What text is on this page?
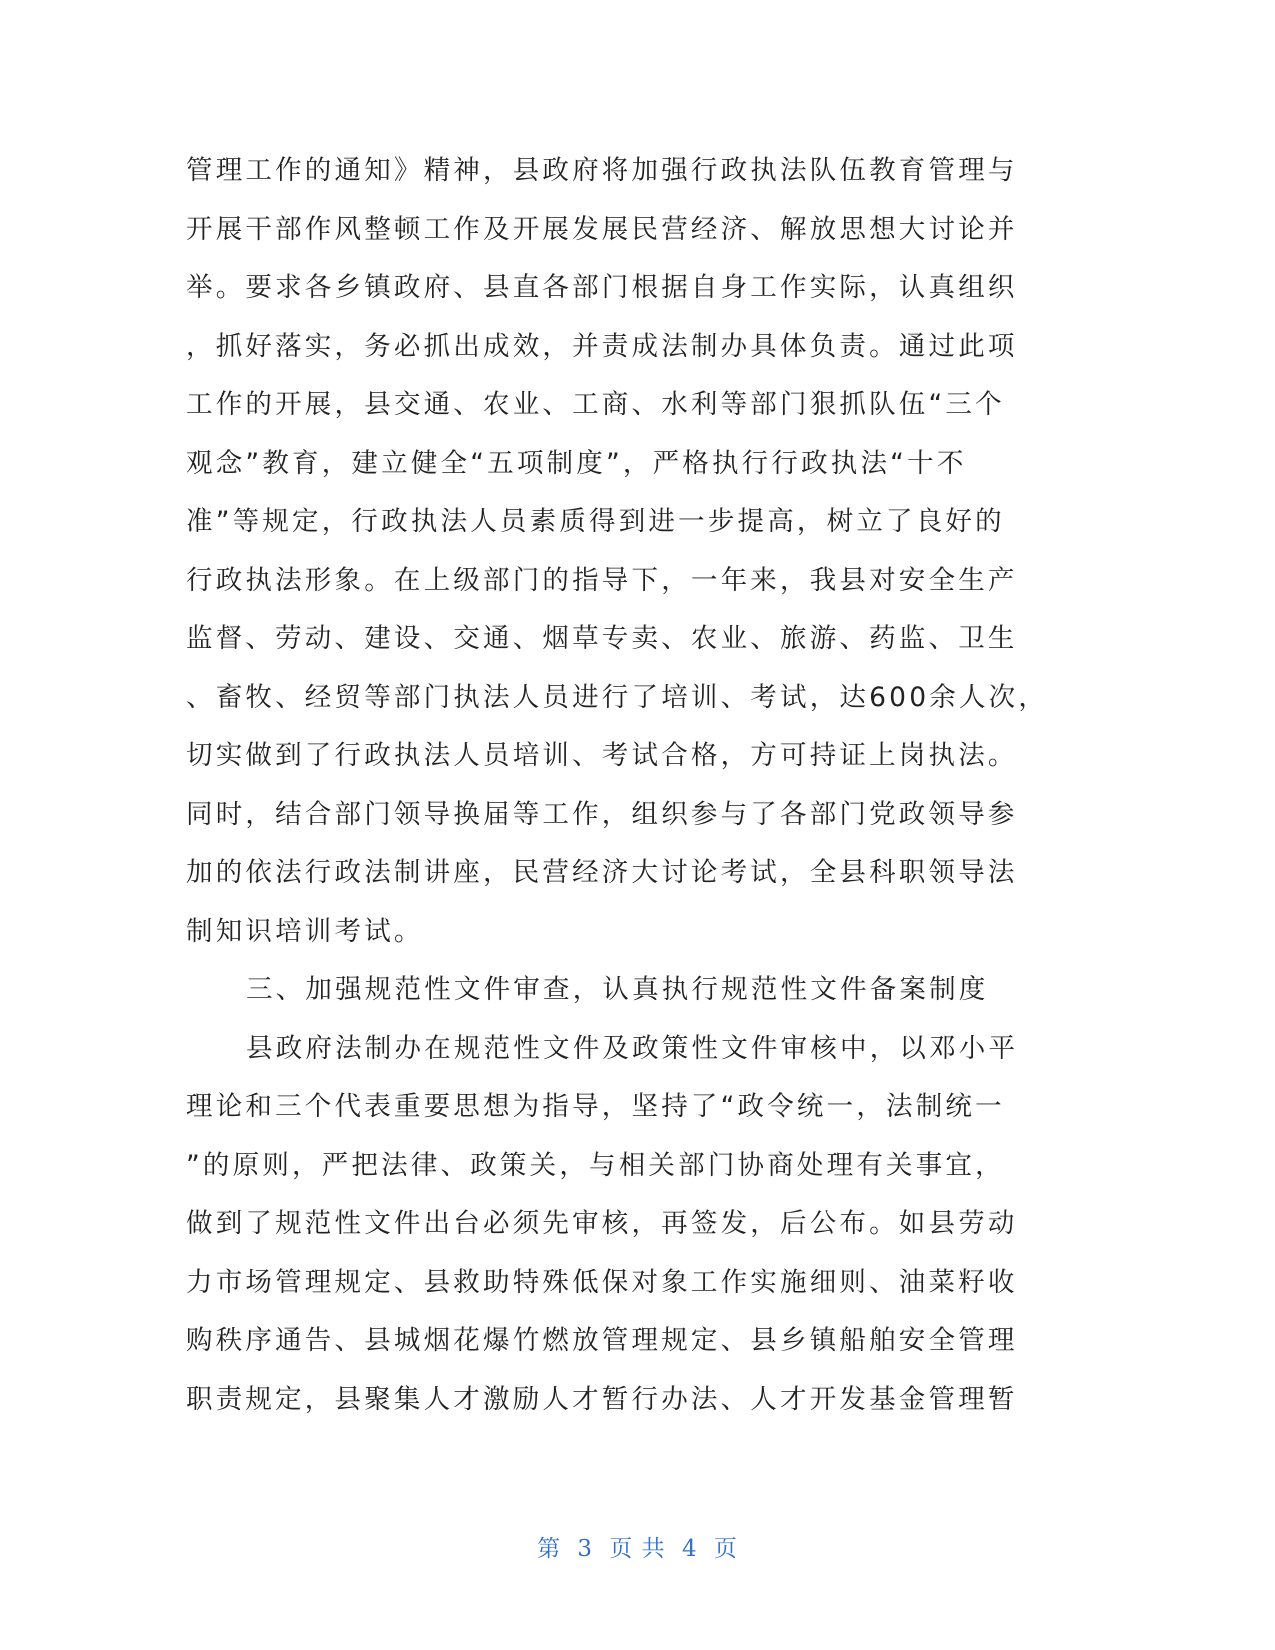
管理工作的通知》精神，县政府将加强行政执法队伍教育管理与
开展干部作风整顿工作及开展发展民营经济、解放思想大讨论并
举。要求各乡镇政府、县直各部门根据自身工作实际，认真组织
，抓好落实，务必抓出成效，并责成法制办具体负责。通过此项
工作的开展，县交通、农业、工商、水利等部门狠抓队伍“三个
观念”教育，建立健全“五项制度”，严格执行行政执法“十不
准”等规定，行政执法人员素质得到进一步提高，树立了良好的
行政执法形象。在上级部门的指导下，一年来，我县对安全生产
监督、劳动、建设、交通、烟草专卖、农业、旅游、药监、卫生
、畜牧、经贸等部门执法人员进行了培训、考试，达600余人次，
切实做到了行政执法人员培训、考试合格，方可持证上岗执法。
同时，结合部门领导换届等工作，组织参与了各部门党政领导参
加的依法行政法制讲座，民营经济大讨论考试，全县科职领导法
制知识培训考试。
三、加强规范性文件审查，认真执行规范性文件备案制度
县政府法制办在规范性文件及政策性文件审核中，以邓小平
理论和三个代表重要思想为指导，坚持了“政令统一，法制统一
”的原则，严把法律、政策关，与相关部门协商处理有关事宜，
做到了规范性文件出台必须先审核，再签发，后公布。如县劳动
力市场管理规定、县救助特殊低保对象工作实施细则、油菜籽收
购秩序通告、县城烟花爆竹燃放管理规定、县乡镇船舶安全管理
职责规定，县聚集人才激励人才暂行办法、人才开发基金管理暂
第 3 页 共 4 页
